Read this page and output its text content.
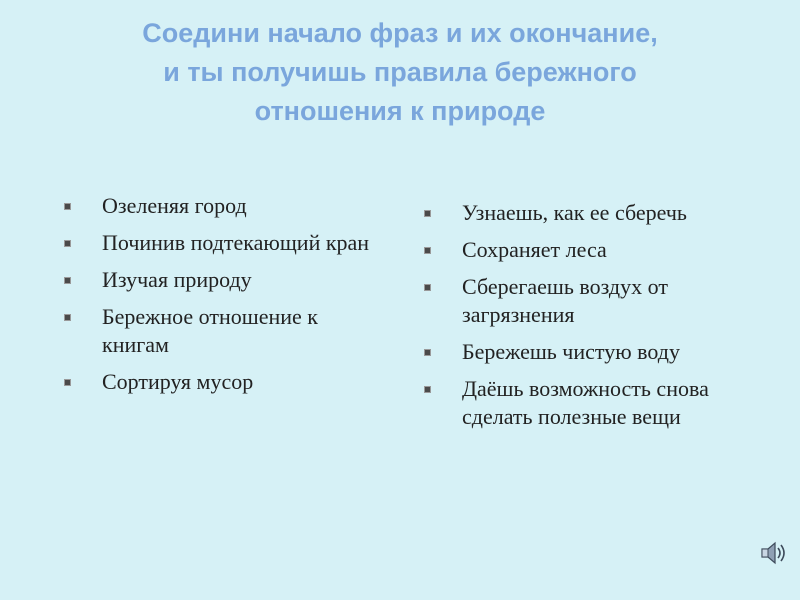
Соедини начало фраз и их окончание,
и ты получишь правила бережного
отношения к природе
Озеленяя город
Починив подтекающий кран
Изучая природу
Бережное отношение к книгам
Сортируя мусор
Узнаешь, как ее сберечь
Сохраняет леса
Сберегаешь воздух от загрязнения
Бережешь чистую воду
Даёшь возможность снова сделать полезные вещи
